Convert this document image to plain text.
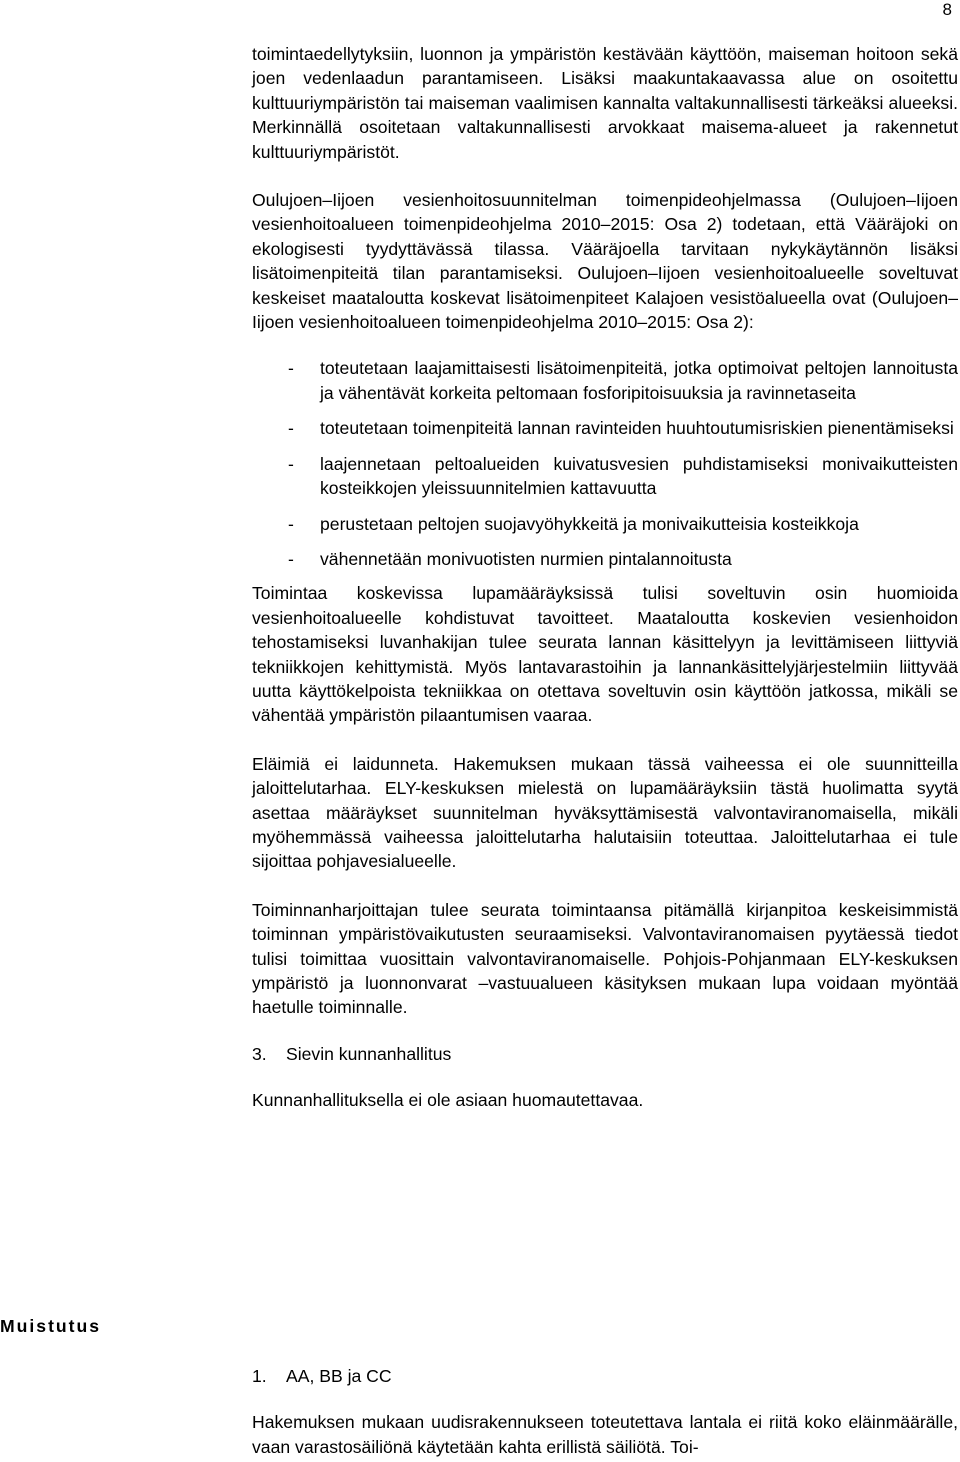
8

toimintaedellytyksiin, luonnon ja ympäristön kestävään käyttöön, maiseman hoitoon sekä joen vedenlaadun parantamiseen. Lisäksi maakuntakaavassa alue on osoitettu kulttuuriympäristön tai maiseman vaalimisen kannalta valtakunnallisesti tärkeäksi alueeksi. Merkinnällä osoitetaan valtakunnallisesti arvokkaat maisema-alueet ja rakennetut kulttuuriympäristöt.

Oulujoen–Iijoen vesienhoitosuunnitelman toimenpideohjelmassa (Oulujoen–Iijoen vesienhoitoalueen toimenpideohjelma 2010–2015: Osa 2) todetaan, että Vääräjoki on ekologisesti tyydyttävässä tilassa. Vääräjoella tarvitaan nykykäytännön lisäksi lisätoimenpiteitä tilan parantamiseksi. Oulujoen–Iijoen vesienhoitoalueelle soveltuvat keskeiset maataloutta koskevat lisätoimenpiteet Kalajoen vesistöalueella ovat (Oulujoen–Iijoen vesienhoitoalueen toimenpideohjelma 2010–2015: Osa 2):

-	toteutetaan laajamittaisesti lisätoimenpiteitä, jotka optimoivat peltojen lannoitusta ja vähentävät korkeita peltomaan fosforipitoisuuksia ja ravinnetaseita
-	toteutetaan toimenpiteitä lannan ravinteiden huuhtoutumisriskien pienentämiseksi
-	laajennetaan peltoalueiden kuivatusvesien puhdistamiseksi monivaikutteisten kosteikkojen yleissuunnitelmien kattavuutta
-	perustetaan peltojen suojavyöhykkeitä ja monivaikutteisia kosteikkoja
-	vähennetään monivuotisten nurmien pintalannoitusta

Toimintaa koskevissa lupamääräyksissä tulisi soveltuvin osin huomioida vesienhoitoalueelle kohdistuvat tavoitteet. Maataloutta koskevien vesienhoidon tehostamiseksi luvanhakijan tulee seurata lannan käsittelyyn ja levittämiseen liittyviä tekniikkojen kehittymistä. Myös lantavarastoihin ja lannankäsittelyjärjestelmiin liittyvää uutta käyttökelpoista tekniikkaa on otettava soveltuvin osin käyttöön jatkossa, mikäli se vähentää ympäristön pilaantumisen vaaraa.

Eläimiä ei laidunneta. Hakemuksen mukaan tässä vaiheessa ei ole suunnitteilla jaloittelutarhaa. ELY-keskuksen mielestä on lupamääräyksiin tästä huolimatta syytä asettaa määräykset suunnitelman hyväksyttämisestä valvontaviranomaisella, mikäli myöhemmässä vaiheessa jaloittelutarha halutaisiin toteuttaa. Jaloittelutarhaa ei tule sijoittaa pohjavesialueelle.

Toiminnanharjoittajan tulee seurata toimintaansa pitämällä kirjanpitoa keskeisimmistä toiminnan ympäristövaikutusten seuraamiseksi. Valvontaviranomaisen pyytäessä tiedot tulisi toimittaa vuosittain valvontaviranomaiselle. Pohjois-Pohjanmaan ELY-keskuksen ympäristö ja luonnonvarat –vastuualueen käsityksen mukaan lupa voidaan myöntää haetulle toiminnalle.

3. Sievin kunnanhallitus

Kunnanhallituksella ei ole asiaan huomautettavaa.

Muistutus

1. AA, BB ja CC

Hakemuksen mukaan uudisrakennukseen toteutettava lantala ei riitä koko eläinmäärälle, vaan varastosäiliönä käytetään kahta erillistä säiliötä. Toi-
